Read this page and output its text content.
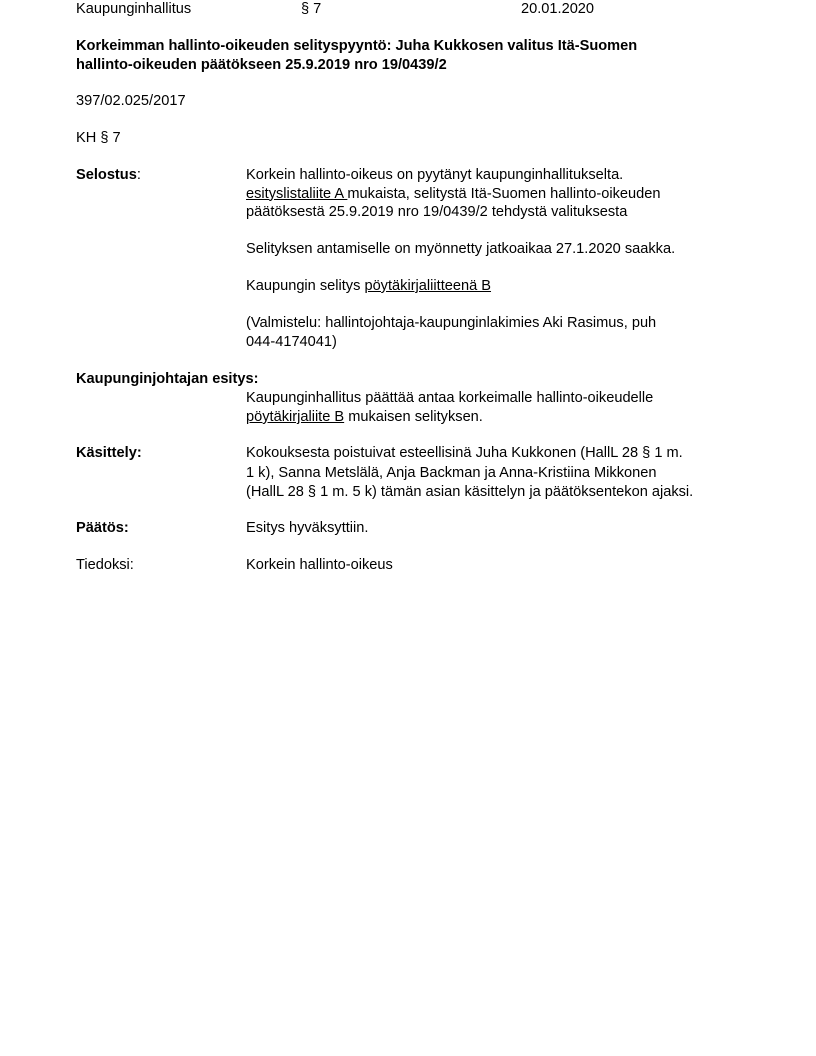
Kaupunginhallitus	§ 7	20.01.2020
Korkeimman hallinto-oikeuden selityspyyntö: Juha Kukkosen valitus Itä-Suomen
hallinto-oikeuden päätökseen 25.9.2019 nro 19/0439/2
397/02.025/2017
KH § 7
Selostus:	Korkein hallinto-oikeus on pyytänyt kaupunginhallitukselta.
esityslistaliite A mukaista, selitystä Itä-Suomen hallinto-oikeuden
päätöksestä 25.9.2019 nro 19/0439/2 tehdystä valituksesta

Selityksen antamiselle on myönnetty jatkoaikaa 27.1.2020 saakka.
Kaupungin selitys pöytäkirjaliitteenä B
(Valmistelu: hallintojohtaja-kaupunginlakimies Aki Rasimus, puh
044-4174041)
Kaupunginjohtajan esitys:
Kaupunginhallitus päättää antaa korkeimalle hallinto-oikeudelle
pöytäkirjaliite B mukaisen selityksen.
Käsittely:	Kokouksesta poistuivat esteellisinä Juha Kukkonen (HallL 28 § 1 m.
1 k), Sanna Metslälä, Anja Backman ja Anna-Kristiina Mikkonen
(HallL 28 § 1 m. 5 k) tämän asian käsittelyn ja päätöksentekon ajaksi.
Päätös:	Esitys hyväksyttiin.
Tiedoksi:	Korkein hallinto-oikeus
